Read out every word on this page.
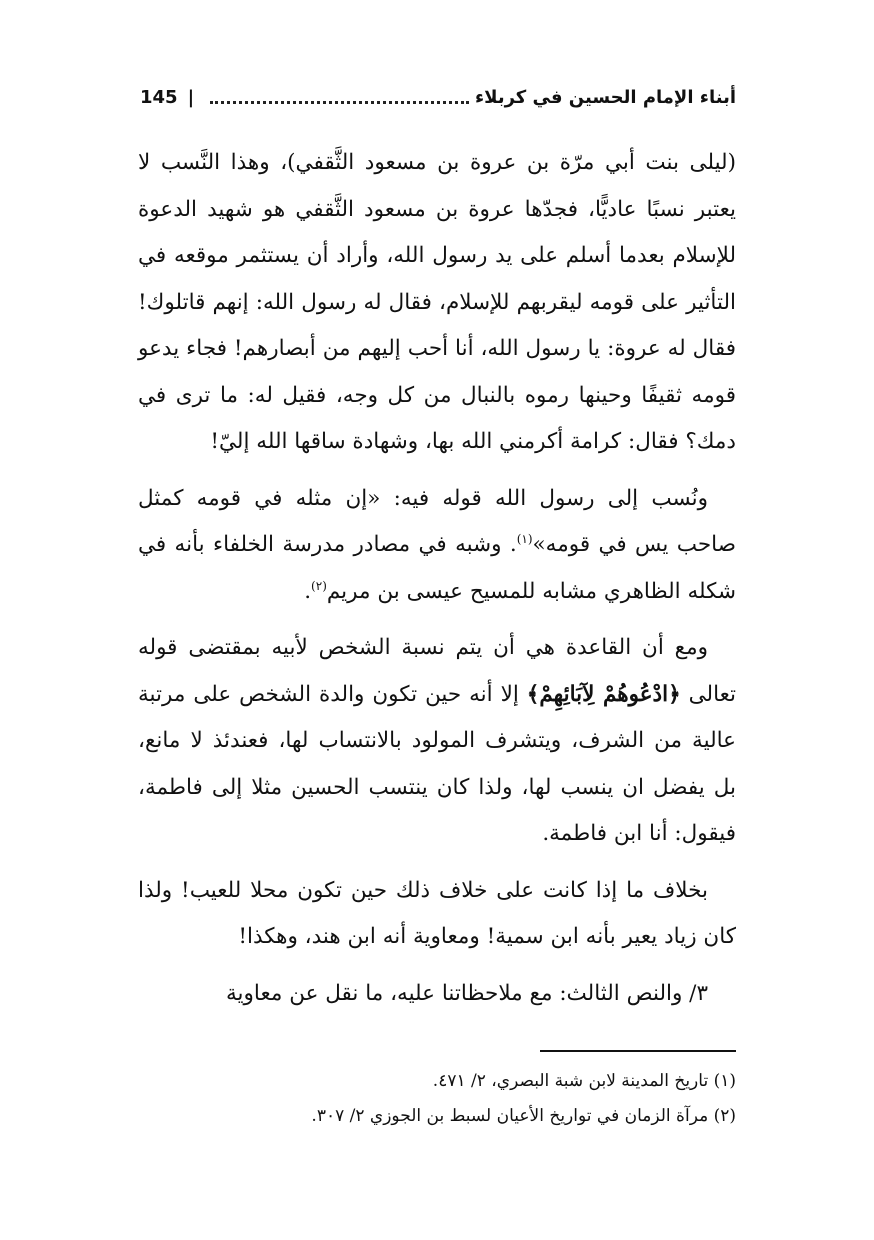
أبناء الإمام الحسين في كربلاء
|
145

(ليلى بنت أبي مرّة بن عروة بن مسعود الثَّقفي)، وهذا النَّسب لا يعتبر نسبًا عاديًّا، فجدّها عروة بن مسعود الثَّقفي هو شهيد الدعوة للإسلام بعدما أسلم على يد رسول الله، وأراد أن يستثمر موقعه في التأثير على قومه ليقربهم للإسلام، فقال له رسول الله: إنهم قاتلوك! فقال له عروة: يا رسول الله، أنا أحب إليهم من أبصارهم! فجاء يدعو قومه ثقيفًا وحينها رموه بالنبال من كل وجه، فقيل له: ما ترى في دمك؟ فقال: كرامة أكرمني الله بها، وشهادة ساقها الله إليّ!

ونُسب إلى رسول الله قوله فيه: «إن مثله في قومه كمثل صاحب يس في قومه»$^{(١)}$. وشبه في مصادر مدرسة الخلفاء بأنه في شكله الظاهري مشابه للمسيح عيسى بن مريم$^{(٢)}$.

ومع أن القاعدة هي أن يتم نسبة الشخص لأبيه بمقتضى قوله تعالى ﴿ادْعُوهُمْ لِآبَائِهِمْ﴾ إلا أنه حين تكون والدة الشخص على مرتبة عالية من الشرف، ويتشرف المولود بالانتساب لها، فعندئذ لا مانع، بل يفضل ان ينسب لها، ولذا كان ينتسب الحسين مثلا إلى فاطمة، فيقول: أنا ابن فاطمة.

بخلاف ما إذا كانت على خلاف ذلك حين تكون محلا للعيب! ولذا كان زياد يعير بأنه ابن سمية! ومعاوية أنه ابن هند، وهكذا!

٣/ والنص الثالث: مع ملاحظاتنا عليه، ما نقل عن معاوية

(١) تاريخ المدينة لابن شبة البصري، ٢/ ٤٧١.

(٢) مرآة الزمان في تواريخ الأعيان لسبط بن الجوزي ٢/ ٣٠٧.
